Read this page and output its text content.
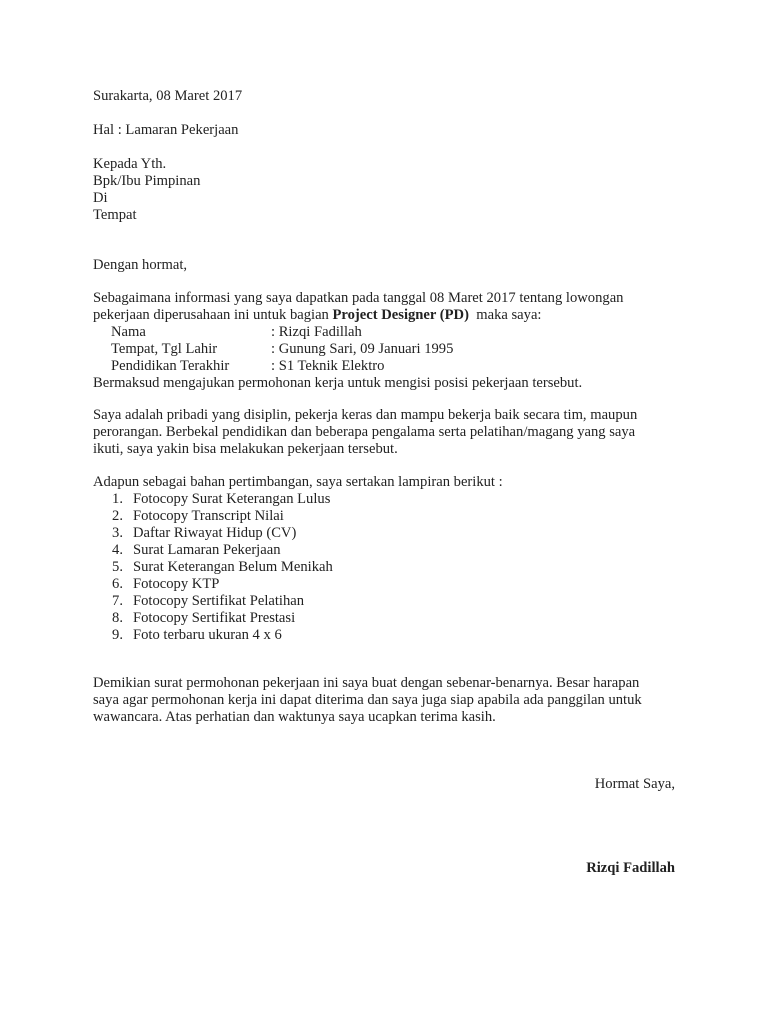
Surakarta, 08 Maret 2017

Hal : Lamaran Pekerjaan

Kepada Yth.

Bpk/Ibu Pimpinan

Di

Tempat

Dengan hormat,

Sebagaimana informasi yang saya dapatkan pada tanggal 08 Maret 2017 tentang lowongan

pekerjaan diperusahaan ini untuk bagian Project Designer (PD)  maka saya:

Nama	: Rizqi Fadillah
Tempat, Tgl Lahir	: Gunung Sari, 09 Januari 1995
Pendidikan Terakhir	: S1 Teknik Elektro

Bermaksud mengajukan permohonan kerja untuk mengisi posisi pekerjaan tersebut.

Saya adalah pribadi yang disiplin, pekerja keras dan mampu bekerja baik secara tim, maupun

perorangan. Berbekal pendidikan dan beberapa pengalama serta pelatihan/magang yang saya

ikuti, saya yakin bisa melakukan pekerjaan tersebut.

Adapun sebagai bahan pertimbangan, saya sertakan lampiran berikut :

1. Fotocopy Surat Keterangan Lulus
2. Fotocopy Transcript Nilai
3. Daftar Riwayat Hidup (CV)
4. Surat Lamaran Pekerjaan
5. Surat Keterangan Belum Menikah
6. Fotocopy KTP
7. Fotocopy Sertifikat Pelatihan
8. Fotocopy Sertifikat Prestasi
9. Foto terbaru ukuran 4 x 6

Demikian surat permohonan pekerjaan ini saya buat dengan sebenar-benarnya. Besar harapan

saya agar permohonan kerja ini dapat diterima dan saya juga siap apabila ada panggilan untuk

wawancara. Atas perhatian dan waktunya saya ucapkan terima kasih.

Hormat Saya,

Rizqi Fadillah
